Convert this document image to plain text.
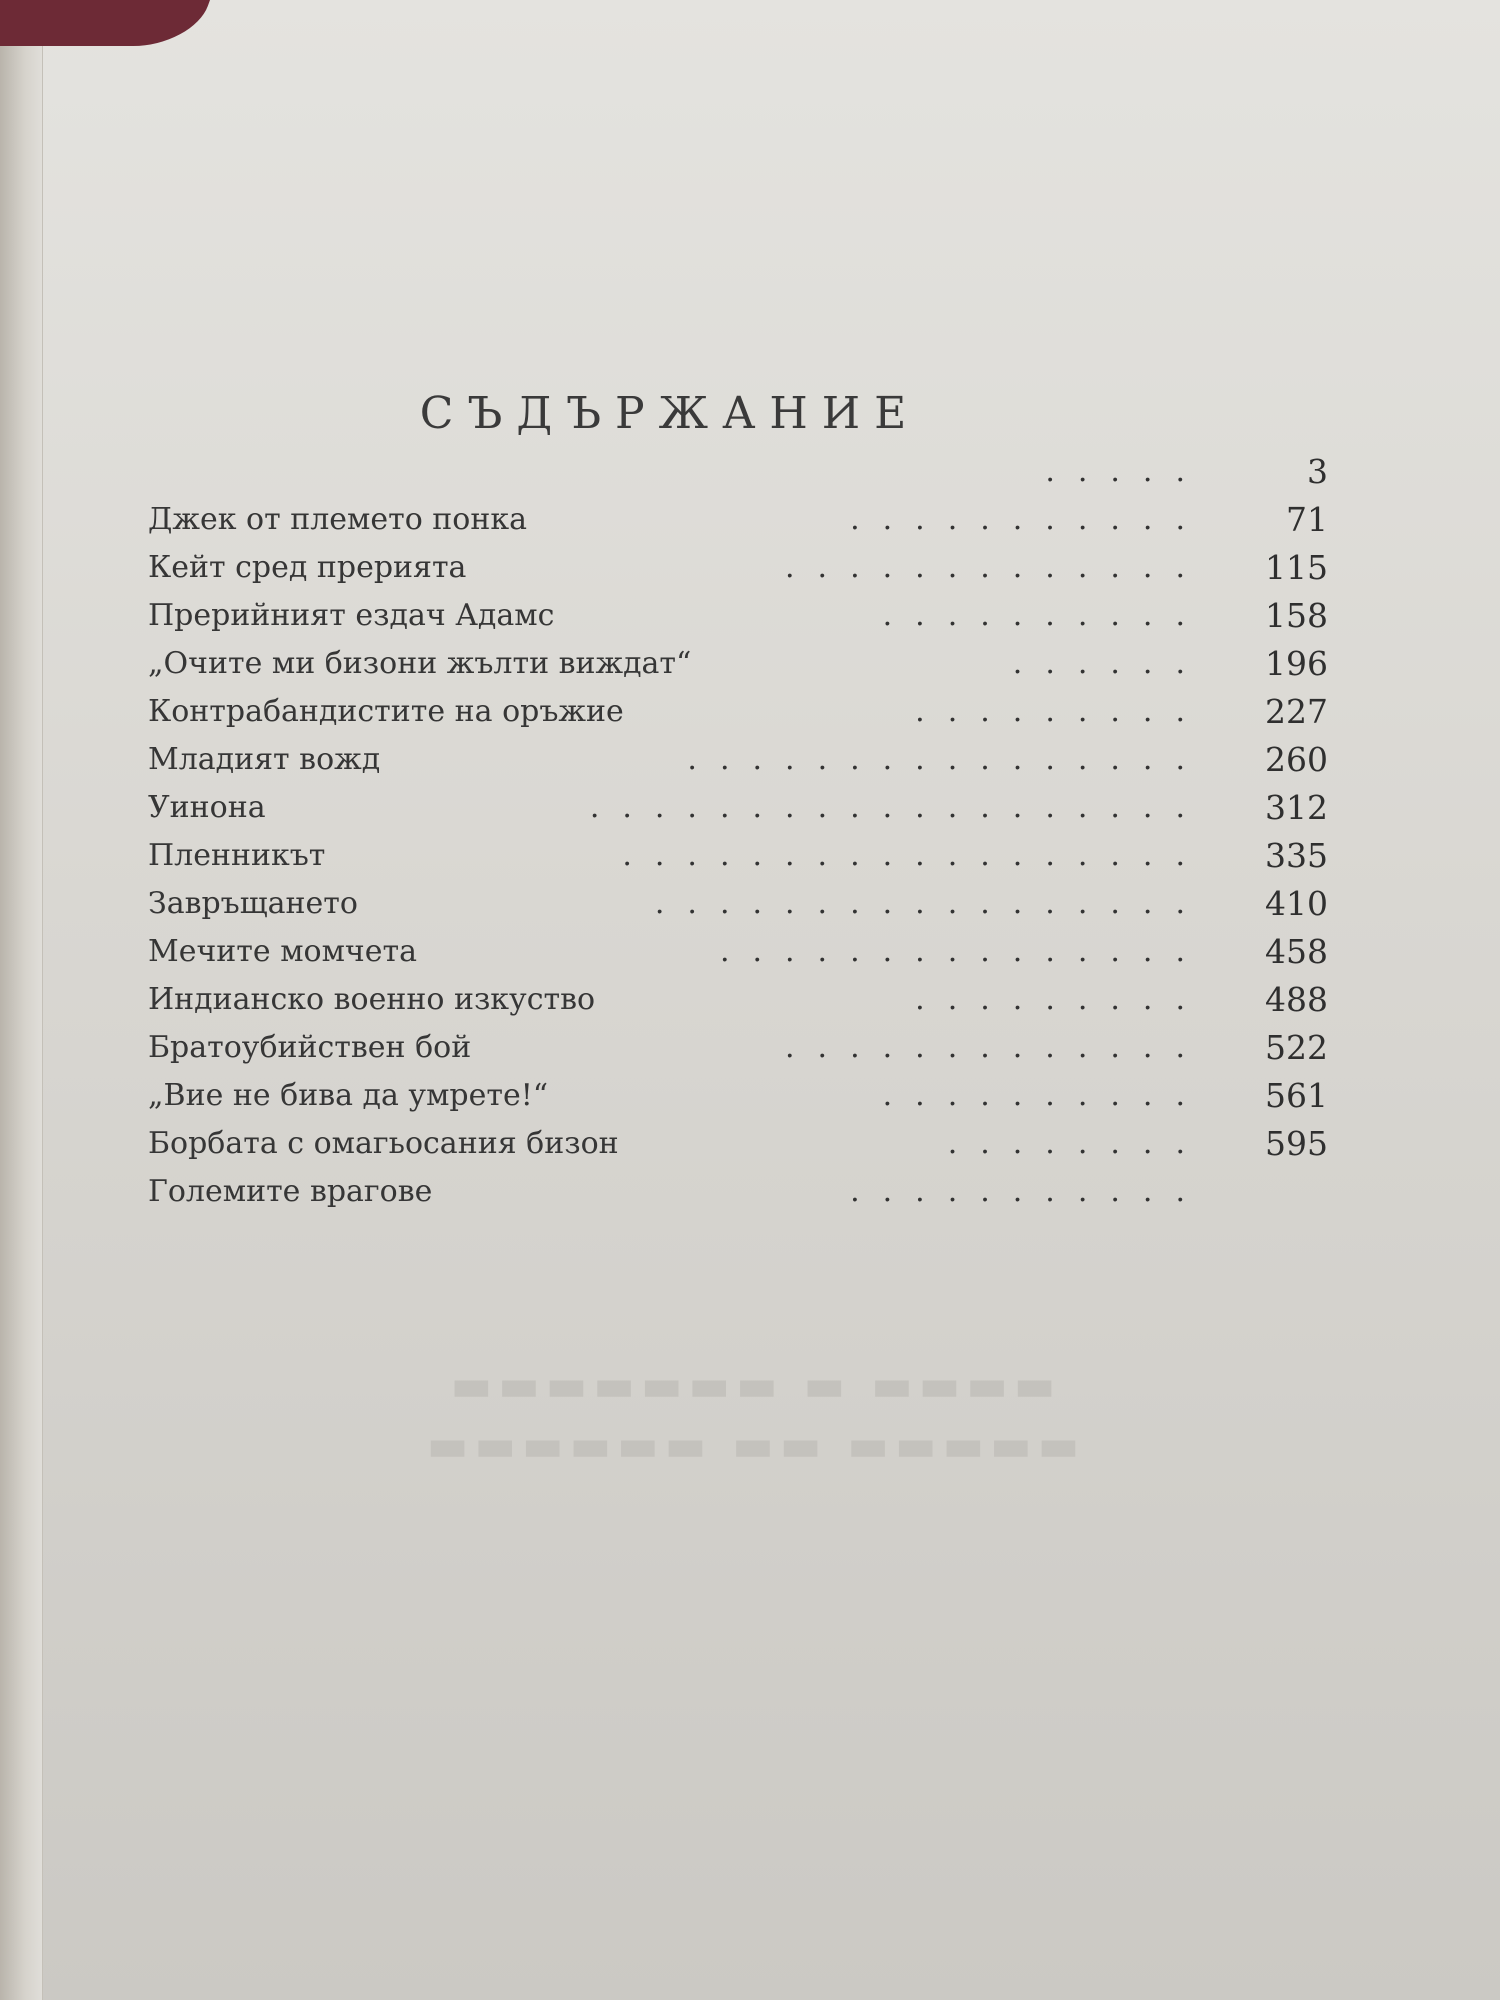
СЪДЪРЖАНИЕ
.....	3
Джек от племето понка	...........	71
Кейт сред прерията	.............	115
Прерийният ездач Адамс	..........	158
„Очите ми бизони жълти виждат“	......	196
Контрабандистите на оръжие	.........	227
Младият вожд	................	260
Уинона	...................	312
Пленникът	..................	335
Завръщането	.................	410
Мечите момчета	...............	458
Индианско военно изкуство	.........	488
Братоубийствен бой	.............	522
„Вие не бива да умрете!“	..........	561
Борбата с омагьосания бизон	........	595
Големите врагове	...........
▬▬▬▬ ▬ ▬▬▬▬▬▬▬
▬▬▬▬▬ ▬▬ ▬▬▬▬▬▬
